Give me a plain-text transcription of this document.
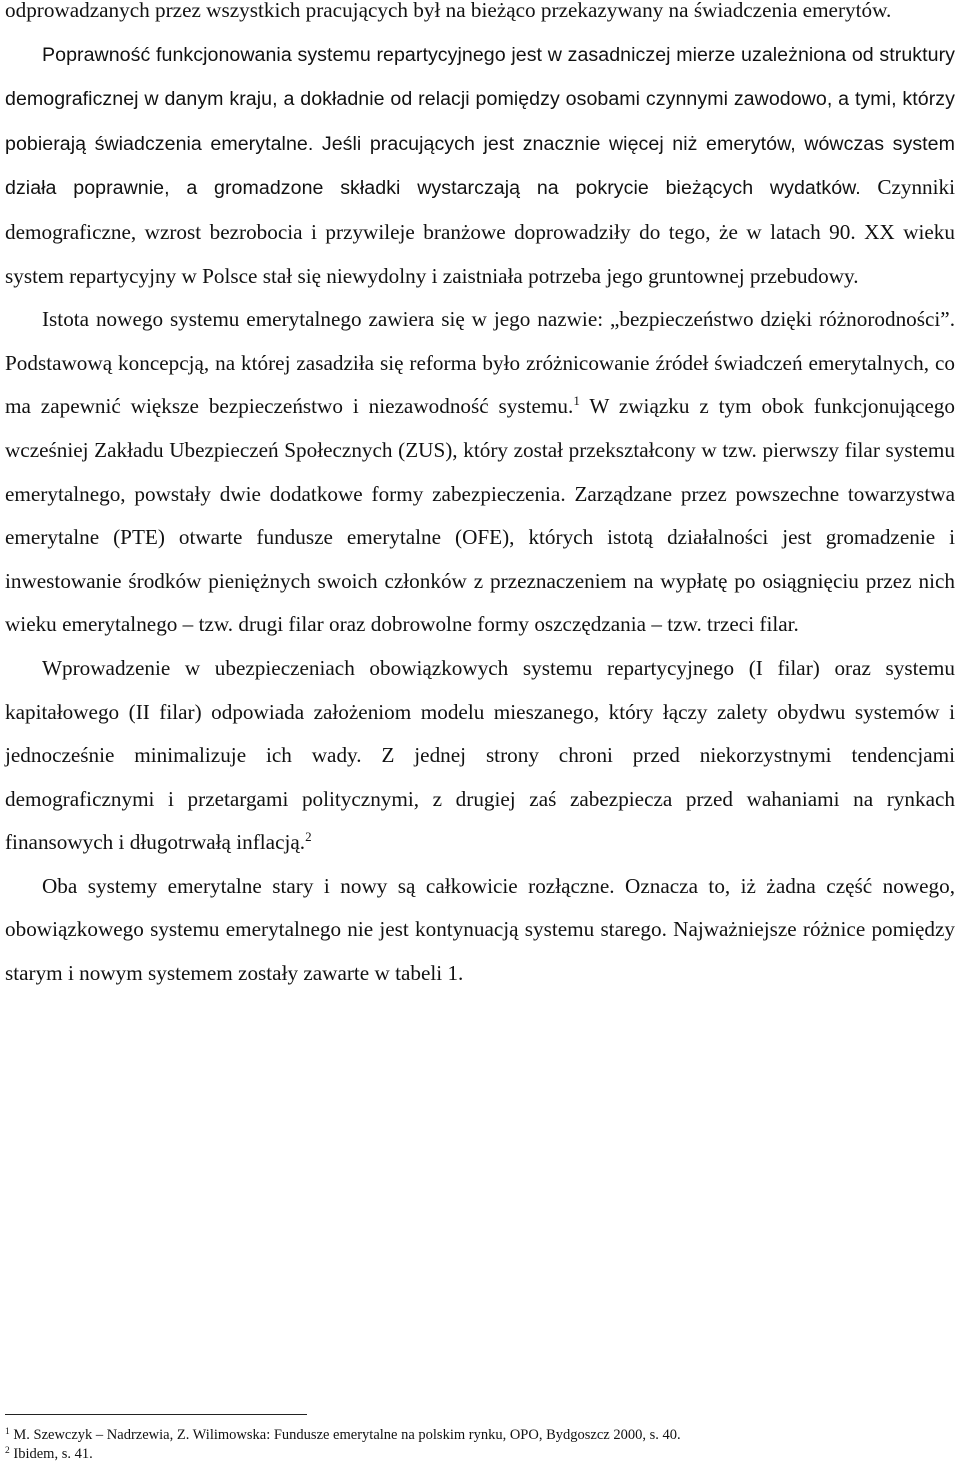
odprowadzanych przez wszystkich pracujących był na bieżąco przekazywany na świadczenia emerytów.

Poprawność funkcjonowania systemu repartycyjnego jest w zasadniczej mierze uzależniona od struktury demograficznej w danym kraju, a dokładnie od relacji pomiędzy osobami czynnymi zawodowo, a tymi, którzy pobierają świadczenia emerytalne. Jeśli pracujących jest znacznie więcej niż emerytów, wówczas system działa poprawnie, a gromadzone składki wystarczają na pokrycie bieżących wydatków. Czynniki demograficzne, wzrost bezrobocia i przywileje branżowe doprowadziły do tego, że w latach 90. XX wieku system repartycyjny w Polsce stał się niewydolny i zaistniała potrzeba jego gruntownej przebudowy.

Istota nowego systemu emerytalnego zawiera się w jego nazwie: „bezpieczeństwo dzięki różnorodności”. Podstawową koncepcją, na której zasadziła się reforma było zróżnicowanie źródeł świadczeń emerytalnych, co ma zapewnić większe bezpieczeństwo i niezawodność systemu.$^1$ W związku z tym obok funkcjonującego wcześniej Zakładu Ubezpieczeń Społecznych (ZUS), który został przekształcony w tzw. pierwszy filar systemu emerytalnego, powstały dwie dodatkowe formy zabezpieczenia. Zarządzane przez powszechne towarzystwa emerytalne (PTE) otwarte fundusze emerytalne (OFE), których istotą działalności jest gromadzenie i inwestowanie środków pieniężnych swoich członków z przeznaczeniem na wypłatę po osiągnięciu przez nich wieku emerytalnego – tzw. drugi filar oraz dobrowolne formy oszczędzania – tzw. trzeci filar.

Wprowadzenie w ubezpieczeniach obowiązkowych systemu repartycyjnego (I filar) oraz systemu kapitałowego (II filar) odpowiada założeniom modelu mieszanego, który łączy zalety obydwu systemów i jednocześnie minimalizuje ich wady. Z jednej strony chroni przed niekorzystnymi tendencjami demograficznymi i przetargami politycznymi, z drugiej zaś zabezpiecza przed wahaniami na rynkach finansowych i długotrwałą inflacją.$^2$

Oba systemy emerytalne stary i nowy są całkowicie rozłączne. Oznacza to, iż żadna część nowego, obowiązkowego systemu emerytalnego nie jest kontynuacją systemu starego. Najważniejsze różnice pomiędzy starym i nowym systemem zostały zawarte w tabeli 1.

$^1$ M. Szewczyk – Nadrzewia, Z. Wilimowska: Fundusze emerytalne na polskim rynku, OPO, Bydgoszcz 2000, s. 40.

$^2$ Ibidem, s. 41.
